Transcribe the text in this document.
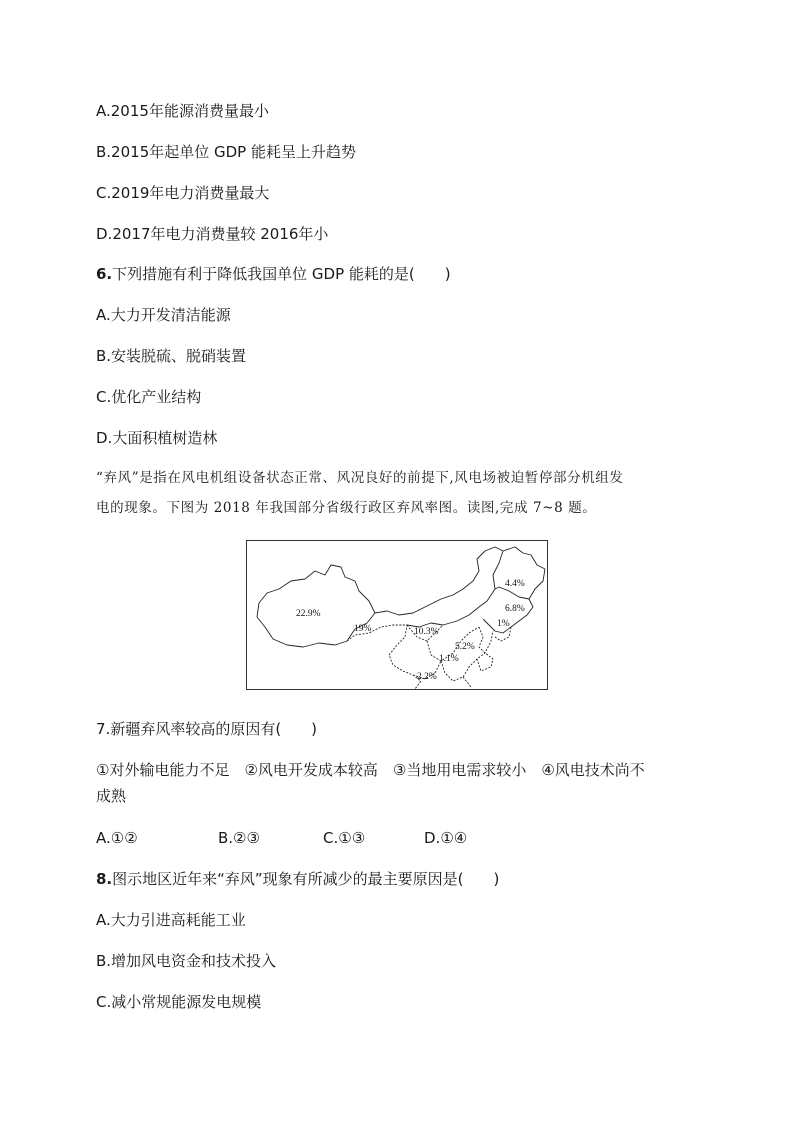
A.2015年能源消费量最小
B.2015年起单位 GDP 能耗呈上升趋势
C.2019年电力消费量最大
D.2017年电力消费量较 2016年小
6.下列措施有利于降低我国单位 GDP 能耗的是(　　)
A.大力开发清洁能源
B.安装脱硫、脱硝装置
C.优化产业结构
D.大面积植树造林
“弃风”是指在风电机组设备状态正常、风况良好的前提下,风电场被迫暂停部分机组发
电的现象。下图为 2018 年我国部分省级行政区弃风率图。读图,完成 7~8 题。
22.9%
19%	10.3%
4.4%
6.8%
1%
5.2%
1.1%
2.2%
7.新疆弃风率较高的原因有(　　)
①对外输电能力不足　②风电开发成本较高　③当地用电需求较小　④风电技术尚不
成熟
A.①②	B.②③	C.①③	D.①④
8.图示地区近年来“弃风”现象有所减少的最主要原因是(　　)
A.大力引进高耗能工业
B.增加风电资金和技术投入
C.减小常规能源发电规模
